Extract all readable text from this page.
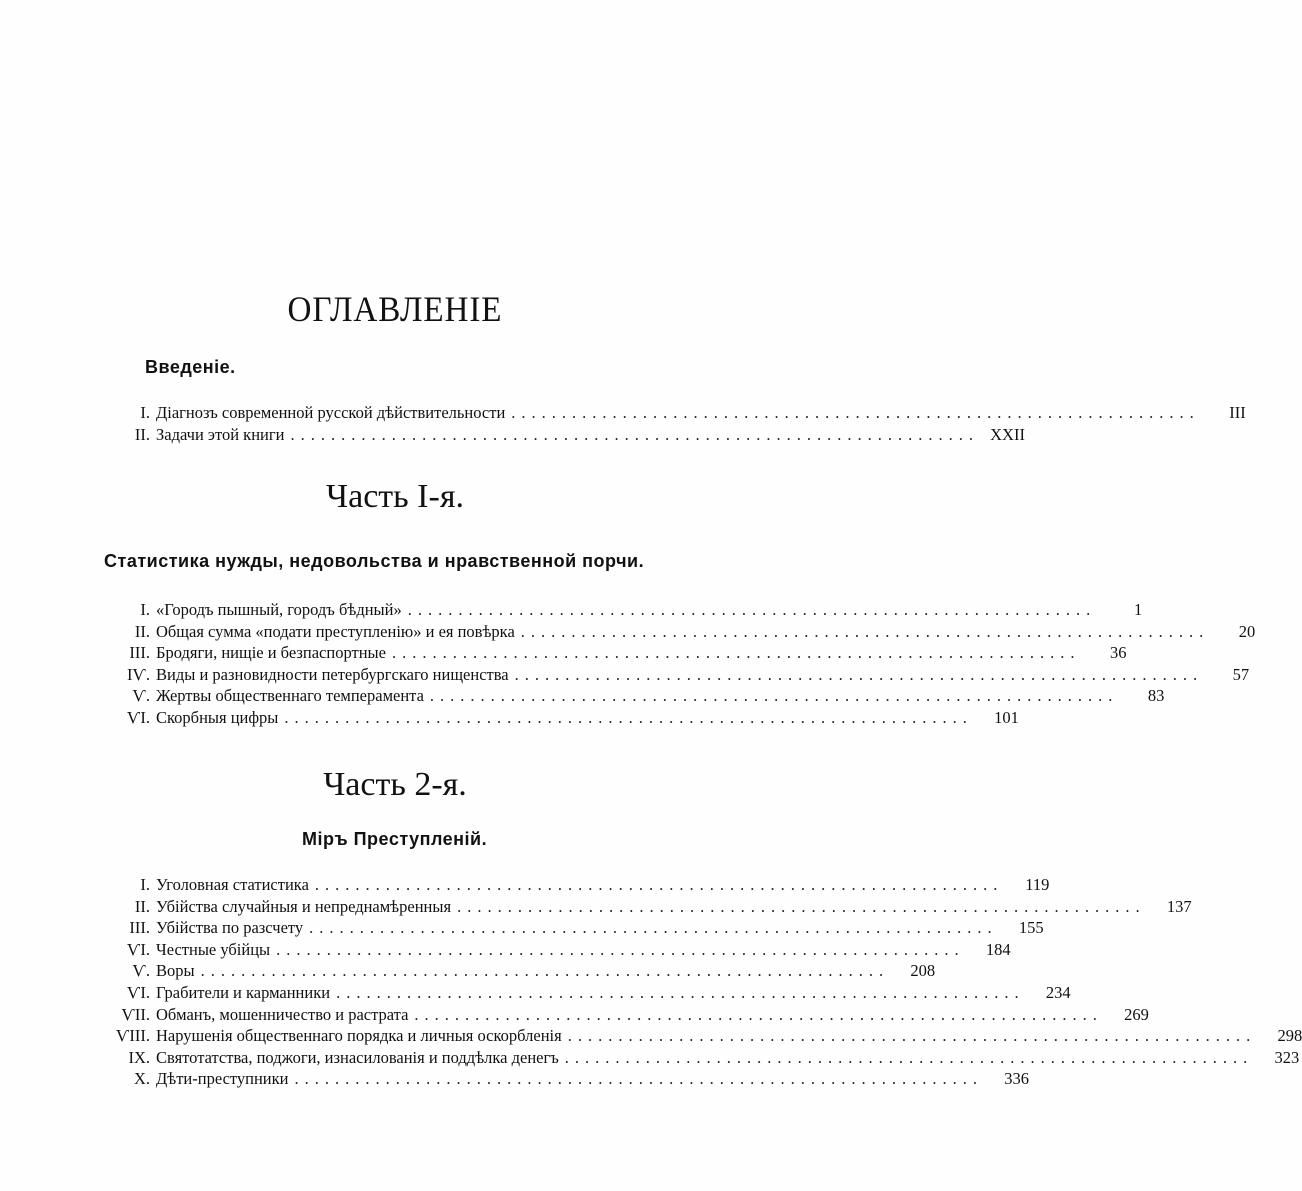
ОГЛАВЛЕНІЕ
Введеніе.
I. Діагнозъ современной русской дѣйствительности ....................................................................	III
II. Задачи этой книги .................................................................... XXII
Часть I-я.
Статистика нужды, недовольства и нравственной порчи.
I. «Городъ пышный, городъ бѣдный» ....................................................................	1
II. Общая сумма «подати преступленію» и ея повѣрка ....................................................................	20
III. Бродяги, нищіе и безпаспортные ....................................................................	36
IѴ. Виды и разновидности петербургскаго нищенства ....................................................................	57
Ѵ. Жертвы общественнаго темперамента ....................................................................	83
ѴI. Скорбныя цифры ....................................................................	101
Часть 2-я.
Міръ Преступленій.
I. Уголовная статистика ....................................................................	119
II. Убійства случайныя и непреднамѣренныя ....................................................................	137
III. Убійства по разсчету ....................................................................	155
ѴI. Честные убійцы ....................................................................	184
Ѵ. Воры ....................................................................	208
ѴI. Грабители и карманники ....................................................................	234
ѴII. Обманъ, мошенничество и растрата ....................................................................	269
ѴIII. Нарушенія общественнаго порядка и личныя оскорбленія ....................................................................	298
IX. Святотатства, поджоги, изнасилованія и поддѣлка денегъ ....................................................................	323
X. Дѣти-преступники ....................................................................	336
